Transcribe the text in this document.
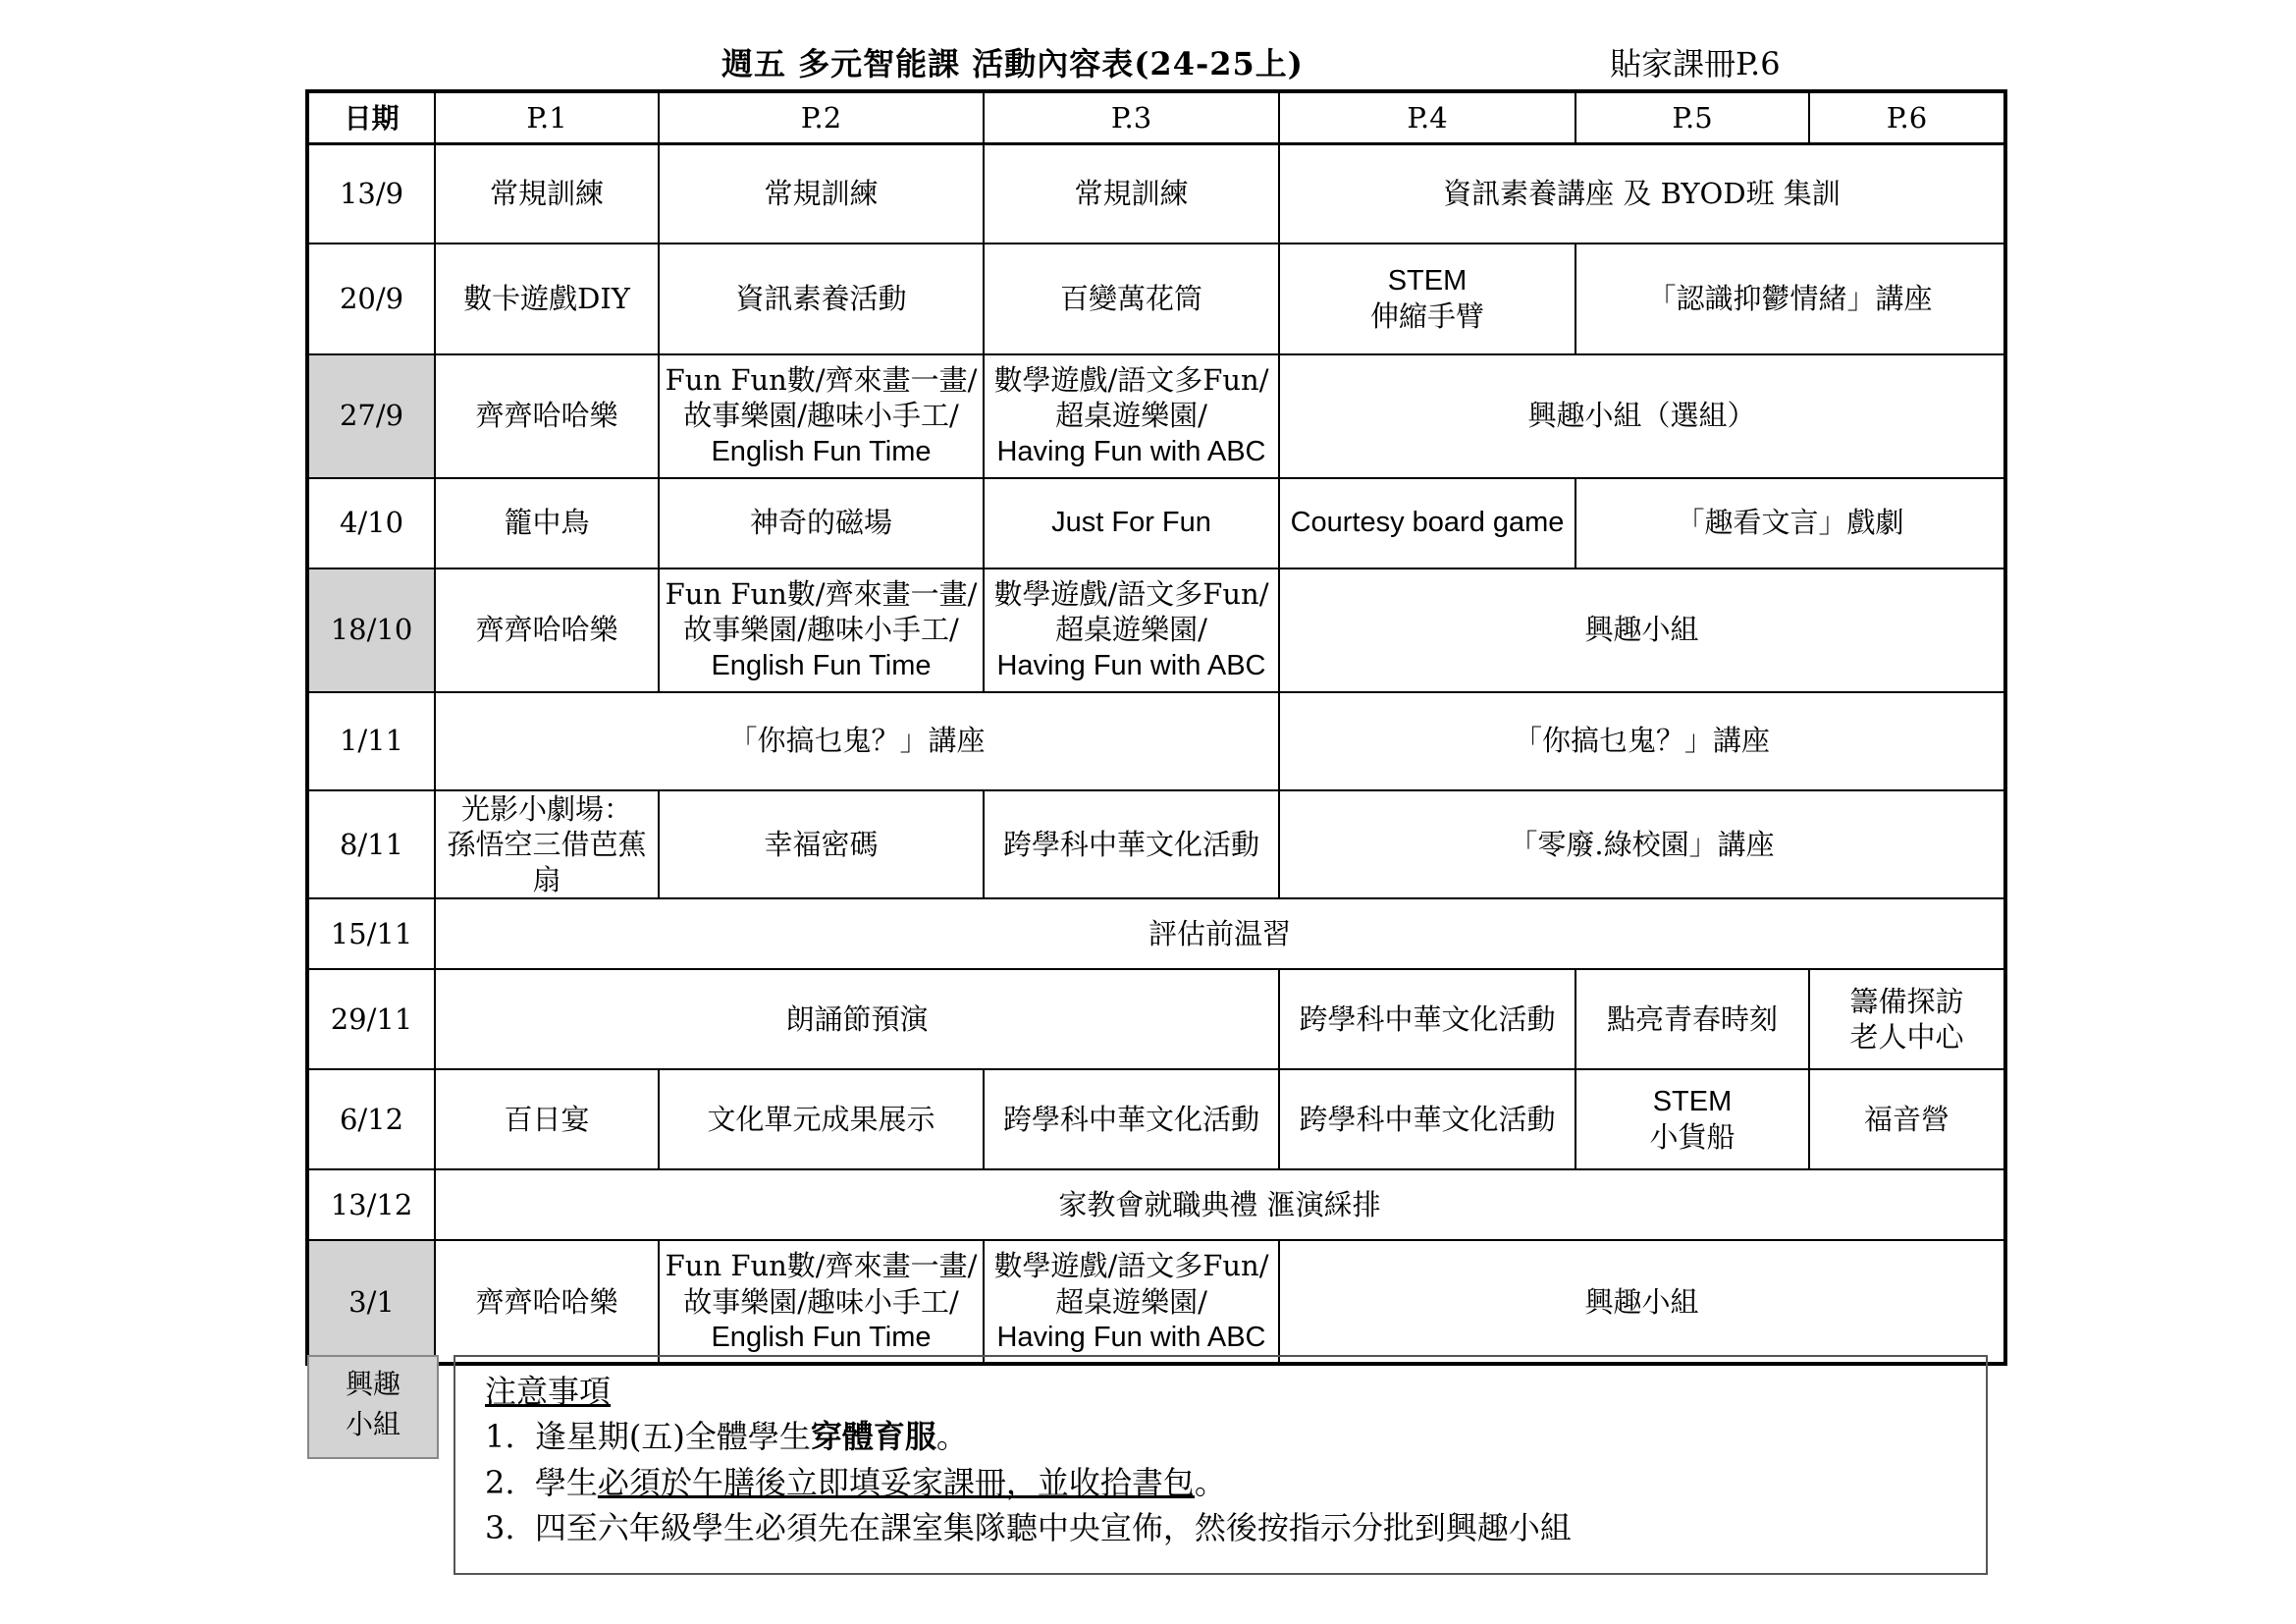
週五 多元智能課 活動內容表(24-25上)	貼家課冊P.6
日期	P.1	P.2	P.3	P.4	P.5	P.6
13/9	常規訓練	常規訓練	常規訓練	資訊素養講座 及 BYOD班 集訓		
20/9	數卡遊戲DIY	資訊素養活動	百變萬花筒	STEM
伸縮手臂	「認識抑鬱情緒」講座	
27/9	齊齊哈哈樂	Fun Fun數/齊來畫一畫/
故事樂園/趣味小手工/
English Fun Time	數學遊戲/語文多Fun/
超桌遊樂園/
Having Fun with ABC	興趣小組（選組）		
4/10	籠中鳥	神奇的磁場	Just For Fun	Courtesy board game	「趣看文言」戲劇	
18/10	齊齊哈哈樂	Fun Fun數/齊來畫一畫/
故事樂園/趣味小手工/
English Fun Time	數學遊戲/語文多Fun/
超桌遊樂園/
Having Fun with ABC	興趣小組		
1/11	「你搞乜鬼？」講座			「你搞乜鬼？」講座		
8/11	光影小劇場：
孫悟空三借芭蕉扇	幸福密碼	跨學科中華文化活動	「零廢.綠校園」講座		
15/11	評估前温習					
29/11	朗誦節預演			跨學科中華文化活動	點亮青春時刻	籌備探訪
老人中心

6/12	百日宴	文化單元成果展示	跨學科中華文化活動	跨學科中華文化活動	STEM
小貨船	福音營
13/12	家教會就職典禮 滙演綵排					
3/1	齊齊哈哈樂	Fun Fun數/齊來畫一畫/
故事樂園/趣味小手工/
English Fun Time	數學遊戲/語文多Fun/
超桌遊樂園/
Having Fun with ABC	興趣小組		
興趣
小組
注意事項
1. 逢星期(五)全體學生穿體育服。
2. 學生必須於午膳後立即填妥家課冊，並收拾書包。
3. 四至六年級學生必須先在課室集隊聽中央宣佈，然後按指示分批到興趣小組
